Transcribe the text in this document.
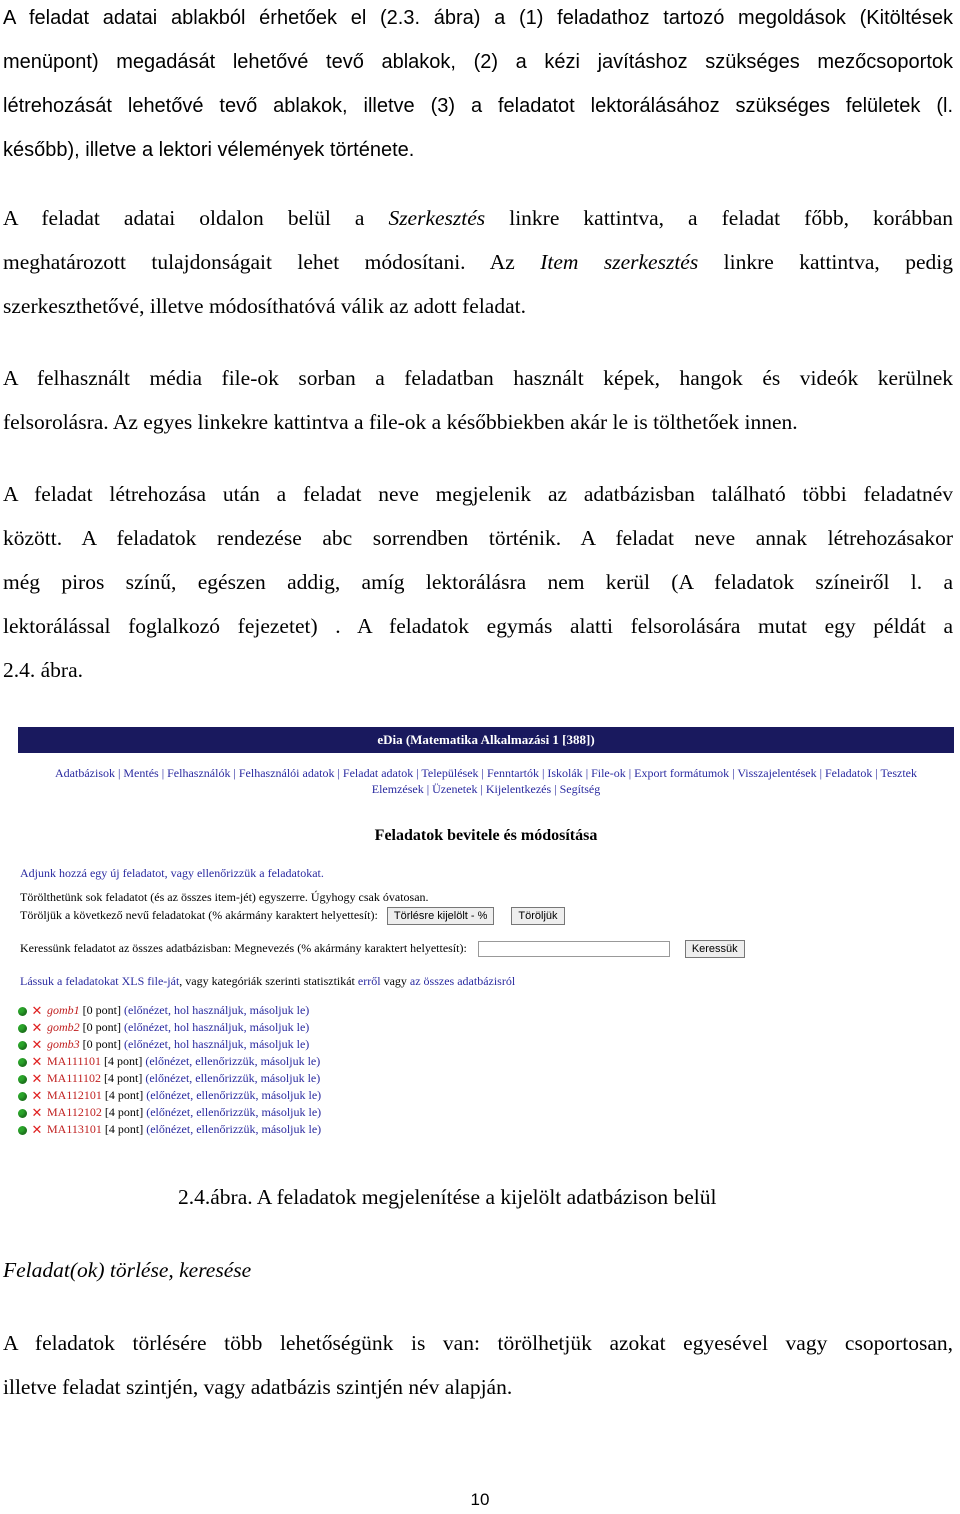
A feladat adatai ablakból érhetőek el (2.3. ábra) a (1) feladathoz tartozó megoldások (Kitöltések
menüpont) megadását lehetővé tevő ablakok, (2) a kézi javításhoz szükséges mezőcsoportok
létrehozását lehetővé tevő ablakok, illetve (3) a feladatot lektorálásához szükséges felületek (l.
később), illetve a lektori vélemények története.
A feladat adatai oldalon belül a Szerkesztés linkre kattintva, a feladat főbb, korábban
meghatározott tulajdonságait lehet módosítani. Az Item szerkesztés linkre kattintva, pedig
szerkeszthetővé, illetve módosíthatóvá válik az adott feladat.
A felhasznált média file-ok sorban a feladatban használt képek, hangok és videók kerülnek
felsorolásra. Az egyes linkekre kattintva a file-ok a későbbiekben akár le is tölthetőek innen.
A feladat létrehozása után a feladat neve megjelenik az adatbázisban található többi feladatnév
között. A feladatok rendezése abc sorrendben történik. A feladat neve annak létrehozásakor
még piros színű, egészen addig, amíg lektorálásra nem kerül (A feladatok színeiről l. a
lektorálással foglalkozó fejezetet) . A feladatok egymás alatti felsorolására mutat egy példát a
2.4. ábra.
eDia (Matematika Alkalmazási 1 [388])
Adatbázisok | Mentés | Felhasználók | Felhasználói adatok | Feladat adatok | Települések | Fenntartók | Iskolák | File-ok | Export formátumok | Visszajelentések | Feladatok | Tesztek
Elemzések | Üzenetek | Kijelentkezés | Segítség
Feladatok bevitele és módosítása
Adjunk hozzá egy új feladatot, vagy ellenőrizzük a feladatokat.
Törölthetünk sok feladatot (és az összes item-jét) egyszerre. Úgyhogy csak óvatosan.
Töröljük a következő nevű feladatokat (% akármány karaktert helyettesít): Törlésre kijelölt - %	Töröljük
Keressünk feladatot az összes adatbázisban: Megnevezés (% akármány karaktert helyettesít):	Keressük
Lássuk a feladatokat XLS file-ját, vagy kategóriák szerinti statisztikát erről vagy az összes adatbázisról
✕ gomb1 [0 pont] (előnézet, hol használjuk, másoljuk le)
✕ gomb2 [0 pont] (előnézet, hol használjuk, másoljuk le)
✕ gomb3 [0 pont] (előnézet, hol használjuk, másoljuk le)
✕ MA111101 [4 pont] (előnézet, ellenőrizzük, másoljuk le)
✕ MA111102 [4 pont] (előnézet, ellenőrizzük, másoljuk le)
✕ MA112101 [4 pont] (előnézet, ellenőrizzük, másoljuk le)
✕ MA112102 [4 pont] (előnézet, ellenőrizzük, másoljuk le)
✕ MA113101 [4 pont] (előnézet, ellenőrizzük, másoljuk le)
2.4.ábra. A feladatok megjelenítése a kijelölt adatbázison belül
Feladat(ok) törlése, keresése
A feladatok törlésére több lehetőségünk is van: törölhetjük azokat egyesével vagy csoportosan,
illetve feladat szintjén, vagy adatbázis szintjén név alapján.
10
